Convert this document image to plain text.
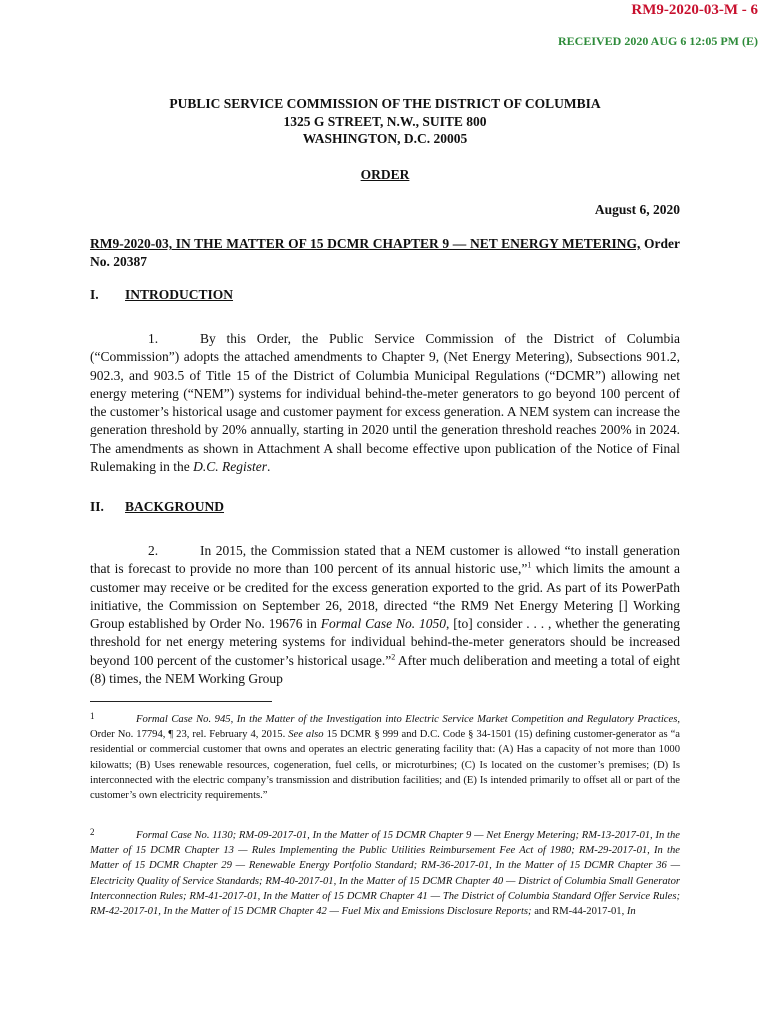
RM9-2020-03-M - 6
RECEIVED 2020 AUG 6 12:05 PM (E)
PUBLIC SERVICE COMMISSION OF THE DISTRICT OF COLUMBIA
1325 G STREET, N.W., SUITE 800
WASHINGTON, D.C. 20005
ORDER
August 6, 2020
RM9-2020-03, IN THE MATTER OF 15 DCMR CHAPTER 9 — NET ENERGY METERING, Order No. 20387
I. INTRODUCTION
1.	By this Order, the Public Service Commission of the District of Columbia (“Commission”) adopts the attached amendments to Chapter 9, (Net Energy Metering), Subsections 901.2, 902.3, and 903.5 of Title 15 of the District of Columbia Municipal Regulations (“DCMR”) allowing net energy metering (“NEM”) systems for individual behind-the-meter generators to go beyond 100 percent of the customer’s historical usage and customer payment for excess generation. A NEM system can increase the generation threshold by 20% annually, starting in 2020 until the generation threshold reaches 200% in 2024. The amendments as shown in Attachment A shall become effective upon publication of the Notice of Final Rulemaking in the D.C. Register.
II. BACKGROUND
2.	In 2015, the Commission stated that a NEM customer is allowed “to install generation that is forecast to provide no more than 100 percent of its annual historic use,”$^1$ which limits the amount a customer may receive or be credited for the excess generation exported to the grid. As part of its PowerPath initiative, the Commission on September 26, 2018, directed “the RM9 Net Energy Metering [] Working Group established by Order No. 19676 in Formal Case No. 1050, [to] consider . . . , whether the generating threshold for net energy metering systems for individual behind-the-meter generators should be increased beyond 100 percent of the customer’s historical usage.”$^2$ After much deliberation and meeting a total of eight (8) times, the NEM Working Group
1	Formal Case No. 945, In the Matter of the Investigation into Electric Service Market Competition and Regulatory Practices, Order No. 17794, ¶ 23, rel. February 4, 2015. See also 15 DCMR § 999 and D.C. Code § 34-1501 (15) defining customer-generator as “a residential or commercial customer that owns and operates an electric generating facility that: (A) Has a capacity of not more than 1000 kilowatts; (B) Uses renewable resources, cogeneration, fuel cells, or microturbines; (C) Is located on the customer’s premises; (D) Is interconnected with the electric company’s transmission and distribution facilities; and (E) Is intended primarily to offset all or part of the customer’s own electricity requirements.”
2	Formal Case No. 1130; RM-09-2017-01, In the Matter of 15 DCMR Chapter 9 — Net Energy Metering; RM-13-2017-01, In the Matter of 15 DCMR Chapter 13 — Rules Implementing the Public Utilities Reimbursement Fee Act of 1980; RM-29-2017-01, In the Matter of 15 DCMR Chapter 29 — Renewable Energy Portfolio Standard; RM-36-2017-01, In the Matter of 15 DCMR Chapter 36 — Electricity Quality of Service Standards; RM-40-2017-01, In the Matter of 15 DCMR Chapter 40 — District of Columbia Small Generator Interconnection Rules; RM-41-2017-01, In the Matter of 15 DCMR Chapter 41 — The District of Columbia Standard Offer Service Rules; RM-42-2017-01, In the Matter of 15 DCMR Chapter 42 — Fuel Mix and Emissions Disclosure Reports; and RM-44-2017-01, In
